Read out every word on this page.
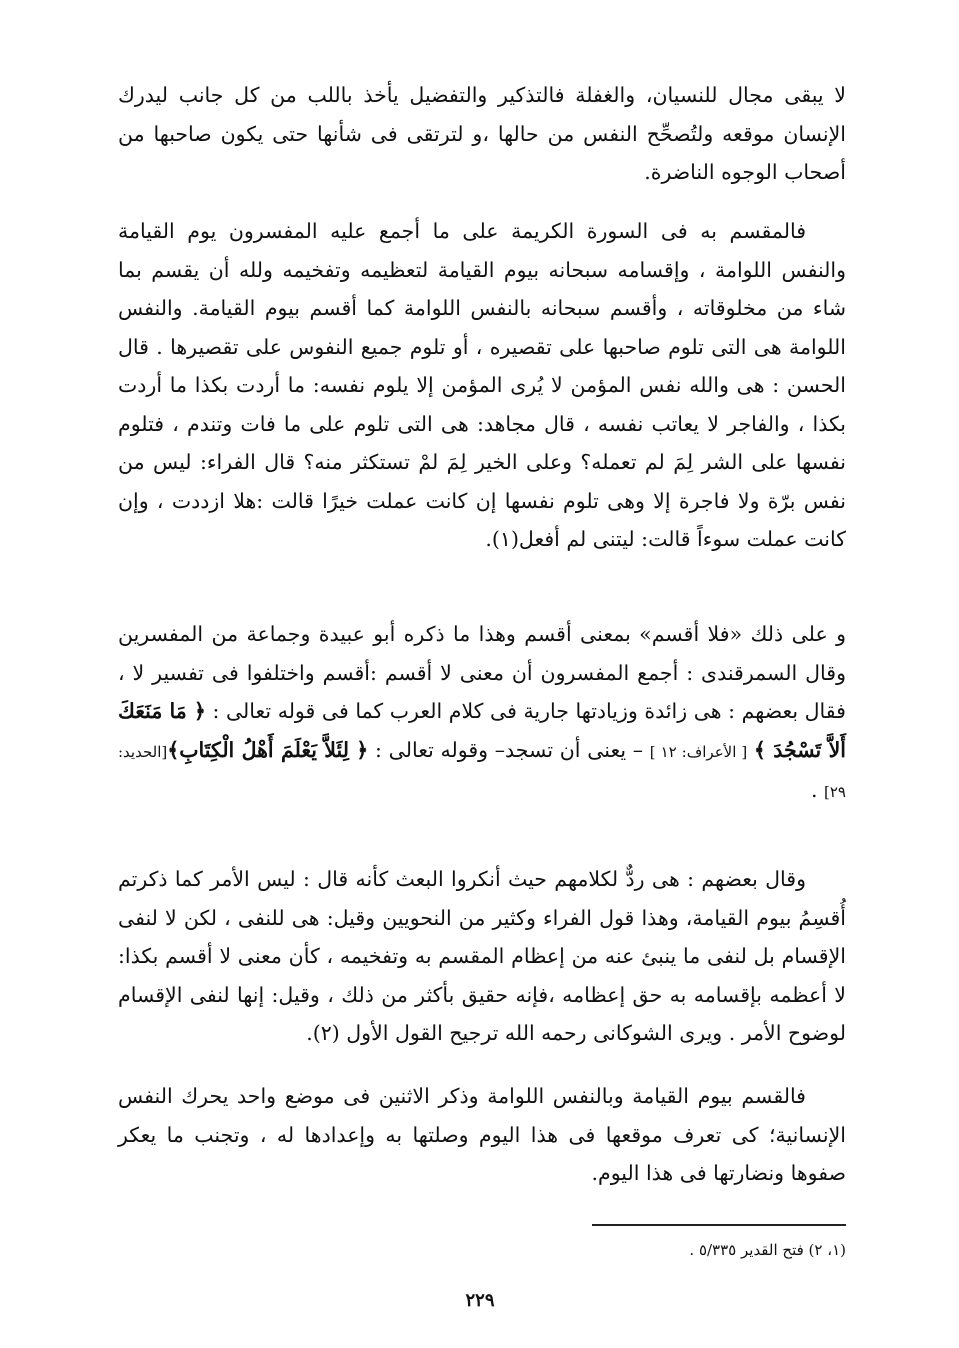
لا يبقى مجال للنسيان، والغفلة فالتذكير والتفضيل يأخذ باللب من كل جانب ليدرك الإنسان موقعه ولتُصحِّح النفس من حالها ،و لترتقى فى شأنها حتى يكون صاحبها من أصحاب الوجوه الناضرة.

فالمقسم به فى السورة الكريمة على ما أجمع عليه المفسرون يوم القيامة والنفس اللوامة ، وإقسامه سبحانه بيوم القيامة لتعظيمه وتفخيمه ولله أن يقسم بما شاء من مخلوقاته ، وأقسم سبحانه بالنفس اللوامة كما أقسم بيوم القيامة. والنفس اللوامة هى التى تلوم صاحبها على تقصيره ، أو تلوم جميع النفوس على تقصيرها . قال الحسن : هى والله نفس المؤمن لا يُرى المؤمن إلا يلوم نفسه: ما أردت بكذا ما أردت بكذا ، والفاجر لا يعاتب نفسه ، قال مجاهد: هى التى تلوم على ما فات وتندم ، فتلوم نفسها على الشر لِمَ لم تعمله؟ وعلى الخير لِمَ لمْ تستكثر منه؟ قال الفراء: ليس من نفس برّة ولا فاجرة إلا وهى تلوم نفسها إن كانت عملت خيرًا قالت :هلا ازددت ، وإن كانت عملت سوءاً قالت: ليتنى لم أفعل(١).

و على ذلك «فلا أقسم» بمعنى أقسم وهذا ما ذكره أبو عبيدة وجماعة من المفسرين وقال السمرقندى : أجمع المفسرون أن معنى لا أقسم :أقسم واختلفوا فى تفسير لا ، فقال بعضهم : هى زائدة وزيادتها جارية فى كلام العرب كما فى قوله تعالى : ﴿ مَا مَنَعَكَ أَلاَّ تَسْجُدَ ﴾ [ الأعراف: ١٢ ] – يعنى أن تسجد– وقوله تعالى : ﴿ لِئَلاَّ يَعْلَمَ أَهْلُ الْكِتَابِ﴾[الحديد: ٢٩] .

وقال بعضهم : هى ردٌّ لكلامهم حيث أنكروا البعث كأنه قال : ليس الأمر كما ذكرتم أُقسِمُ بيوم القيامة، وهذا قول الفراء وكثير من النحويين وقيل: هى للنفى ، لكن لا لنفى الإقسام بل لنفى ما ينبئ عنه من إعظام المقسم به وتفخيمه ، كأن معنى لا أقسم بكذا: لا أعظمه بإقسامه به حق إعظامه ،فإنه حقيق بأكثر من ذلك ، وقيل: إنها لنفى الإقسام لوضوح الأمر . ويرى الشوكانى رحمه الله ترجيح القول الأول (٢).

فالقسم بيوم القيامة وبالنفس اللوامة وذكر الاثنين فى موضع واحد يحرك النفس الإنسانية؛ كى تعرف موقعها فى هذا اليوم وصلتها به وإعدادها له ، وتجنب ما يعكر صفوها ونضارتها فى هذا اليوم.

(١، ٢) فتح القدير ٥/٣٣٥ .
٢٢٩
